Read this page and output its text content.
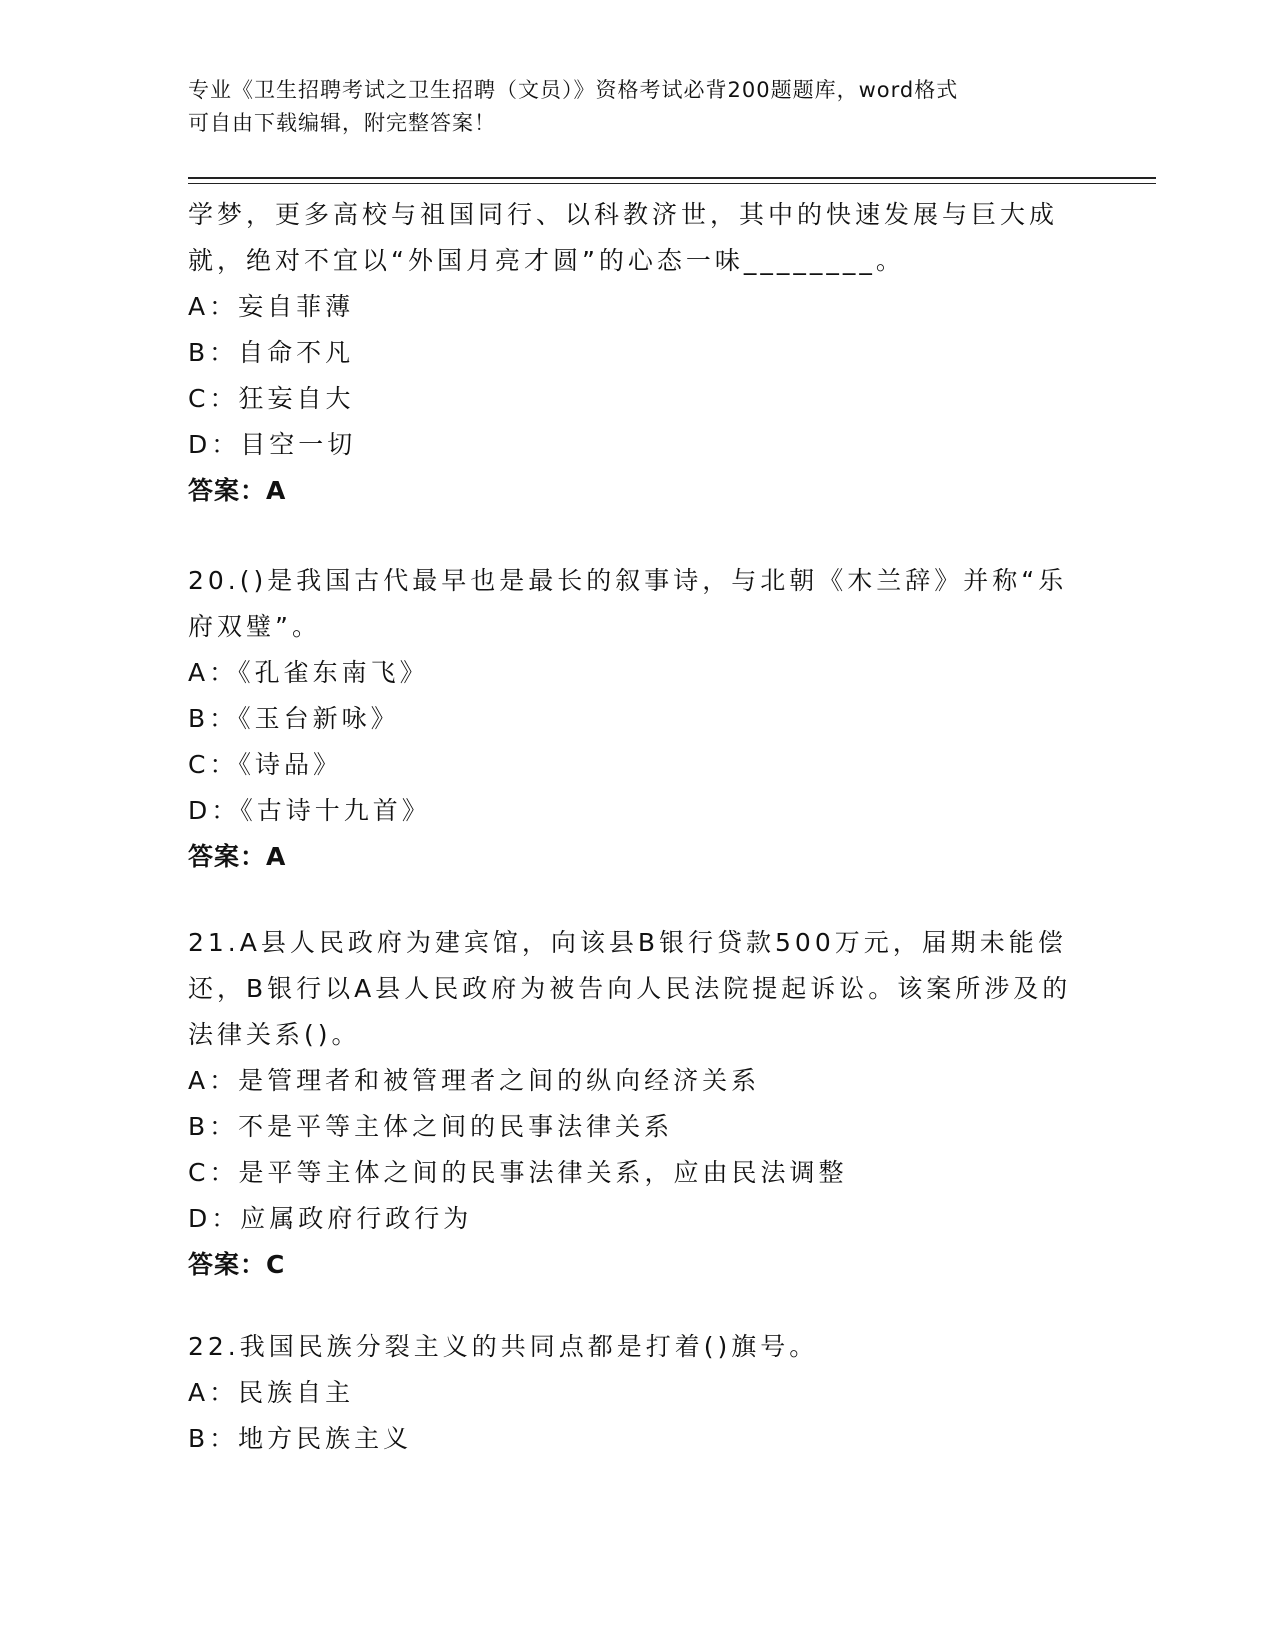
专业《卫生招聘考试之卫生招聘（文员）》资格考试必背200题题库，word格式
可自由下载编辑，附完整答案！
学梦，更多高校与祖国同行、以科教济世，其中的快速发展与巨大成
就，绝对不宜以“外国月亮才圆”的心态一味________。
A：妄自菲薄
B：自命不凡
C：狂妄自大
D：目空一切
答案：A
20.()是我国古代最早也是最长的叙事诗，与北朝《木兰辞》并称“乐
府双璧”。
A：《孔雀东南飞》
B：《玉台新咏》
C：《诗品》
D：《古诗十九首》
答案：A
21.A县人民政府为建宾馆，向该县B银行贷款500万元，届期未能偿
还，B银行以A县人民政府为被告向人民法院提起诉讼。该案所涉及的
法律关系()。
A：是管理者和被管理者之间的纵向经济关系
B：不是平等主体之间的民事法律关系
C：是平等主体之间的民事法律关系，应由民法调整
D：应属政府行政行为
答案：C
22.我国民族分裂主义的共同点都是打着()旗号。
A：民族自主
B：地方民族主义
